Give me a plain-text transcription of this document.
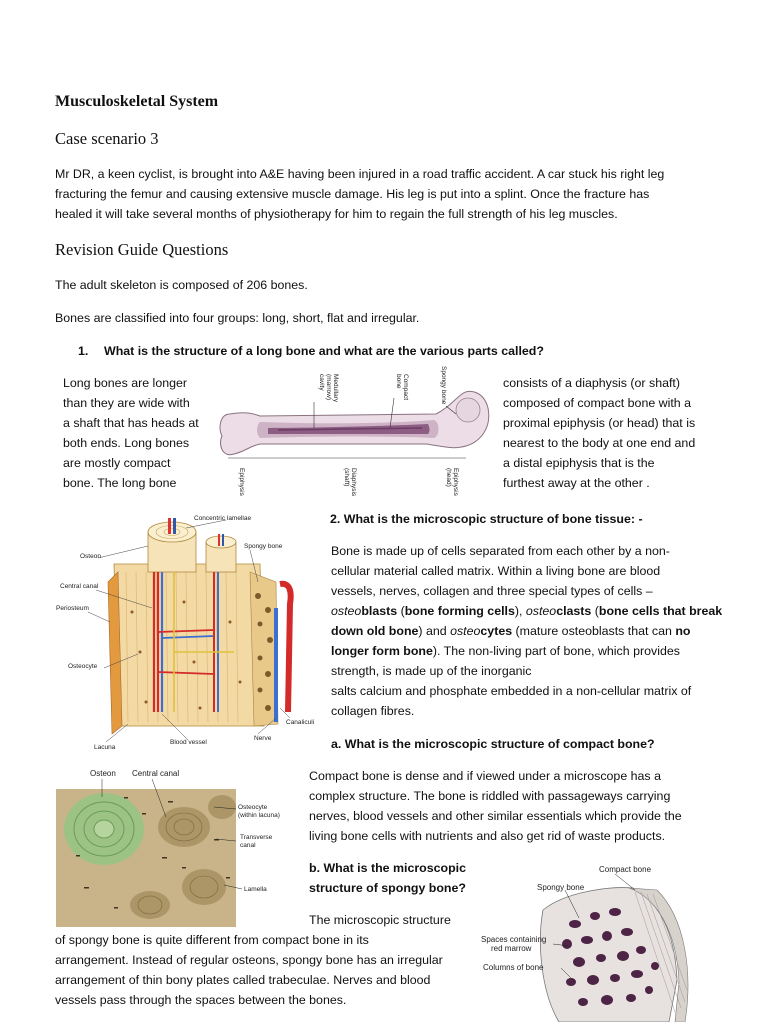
Musculoskeletal System
Case scenario 3
Mr DR, a keen cyclist, is brought into A&E having been injured in a road traffic accident. A car stuck his right leg
fracturing the femur and causing extensive muscle damage. His leg is put into a splint. Once the fracture has
healed it will take several months of physiotherapy for him to regain the full strength of his leg muscles.
Revision Guide Questions
The adult skeleton is composed of 206 bones.
Bones are classified into four groups: long, short, flat and irregular.
1. What is the structure of a long bone and what are the various parts called?
Long bones are longer
than they are wide with
a shaft that has heads at
both ends. Long bones
are mostly compact
bone. The long bone
consists of a diaphysis (or shaft)
composed of compact bone with a
proximal epiphysis (or head) that is
nearest to the body at one end and
a distal epiphysis that is the
furthest away at the other .
Medullary
(marrow)
cavity	Compact
bone	Spongy bone
Epiphysis	Diaphysis
(shaft)	Epiphysis
(head)
Concentric lamellae
Osteon
Spongy bone
Central canal
Periosteum
Osteocyte
Canaliculi
Nerve
Blood vessel
Lacuna
2. What is the microscopic structure of bone tissue: -
Bone is made up of cells separated from each other by a non-
cellular material called matrix. Within a living bone are blood
vessels, nerves, collagen and three special types of cells –
osteoblasts (bone forming cells), osteoclasts (bone cells that break
down old bone) and osteocytes (mature osteoblasts that can no
longer form bone). The non-living part of bone, which provides
strength, is made up of the inorganic
salts calcium and phosphate embedded in a non-cellular matrix of
collagen fibres.
a. What is the microscopic structure of compact bone?
Osteon Central canal
Osteocyte
(within lacuna)
Transverse
canal
Lamella
Compact bone is dense and if viewed under a microscope has a
complex structure. The bone is riddled with passageways carrying
nerves, blood vessels and other similar essentials which provide the
living bone cells with nutrients and also get rid of waste products.
b. What is the microscopic
structure of spongy bone?
The microscopic structure
Compact bone
Spongy bone
Spaces containing
red marrow
Columns of bone
of spongy bone is quite different from compact bone in its
arrangement. Instead of regular osteons, spongy bone has an irregular
arrangement of thin bony plates called trabeculae. Nerves and blood
vessels pass through the spaces between the bones.
